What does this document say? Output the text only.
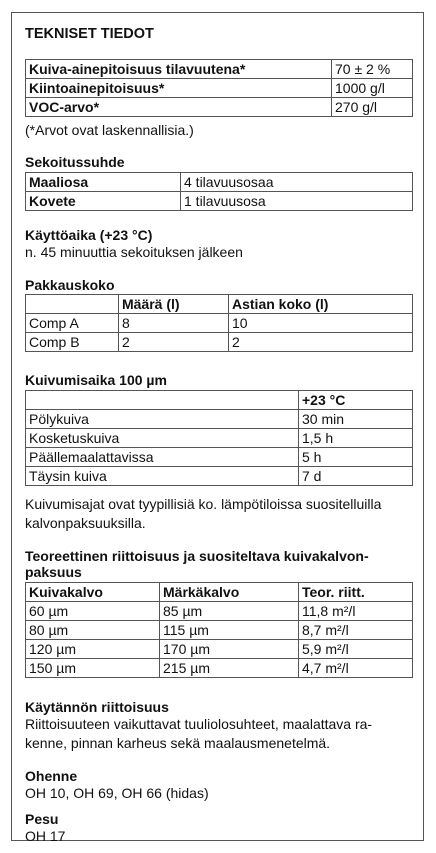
TEKNISET TIEDOT
Kuiva-ainepitoisuus tilavuutena*	70 ± 2 %
Kiintoainepitoisuus*	1000 g/l
VOC-arvo*	270 g/l
(*Arvot ovat laskennallisia.)
Sekoitussuhde
Maaliosa	4 tilavuusosaa
Kovete	1 tilavuusosa
Käyttöaika (+23 °C)
n. 45 minuuttia sekoituksen jälkeen
Pakkauskoko
	Määrä (l)	Astian koko (l)
Comp A	8	10
Comp B	2	2
Kuivumisaika 100 µm
	+23 °C
Pölykuiva	30 min
Kosketuskuiva	1,5 h
Päällemaalattavissa	5 h
Täysin kuiva	7 d
Kuivumisajat ovat tyypillisiä ko. lämpötiloissa suositelluilla
kalvonpaksuuksilla.
Teoreettinen riittoisuus ja suositeltava kuivakalvon-
paksuus
Kuivakalvo	Märkäkalvo	Teor. riitt.
60 µm	85 µm	11,8 m²/l
80 µm	115 µm	8,7 m²/l
120 µm	170 µm	5,9 m²/l
150 µm	215 µm	4,7 m²/l
Käytännön riittoisuus
Riittoisuuteen vaikuttavat tuuliolosuhteet, maalattava ra-
kenne, pinnan karheus sekä maalausmenetelmä.
Ohenne
OH 10, OH 69, OH 66 (hidas)
Pesu
OH 17
